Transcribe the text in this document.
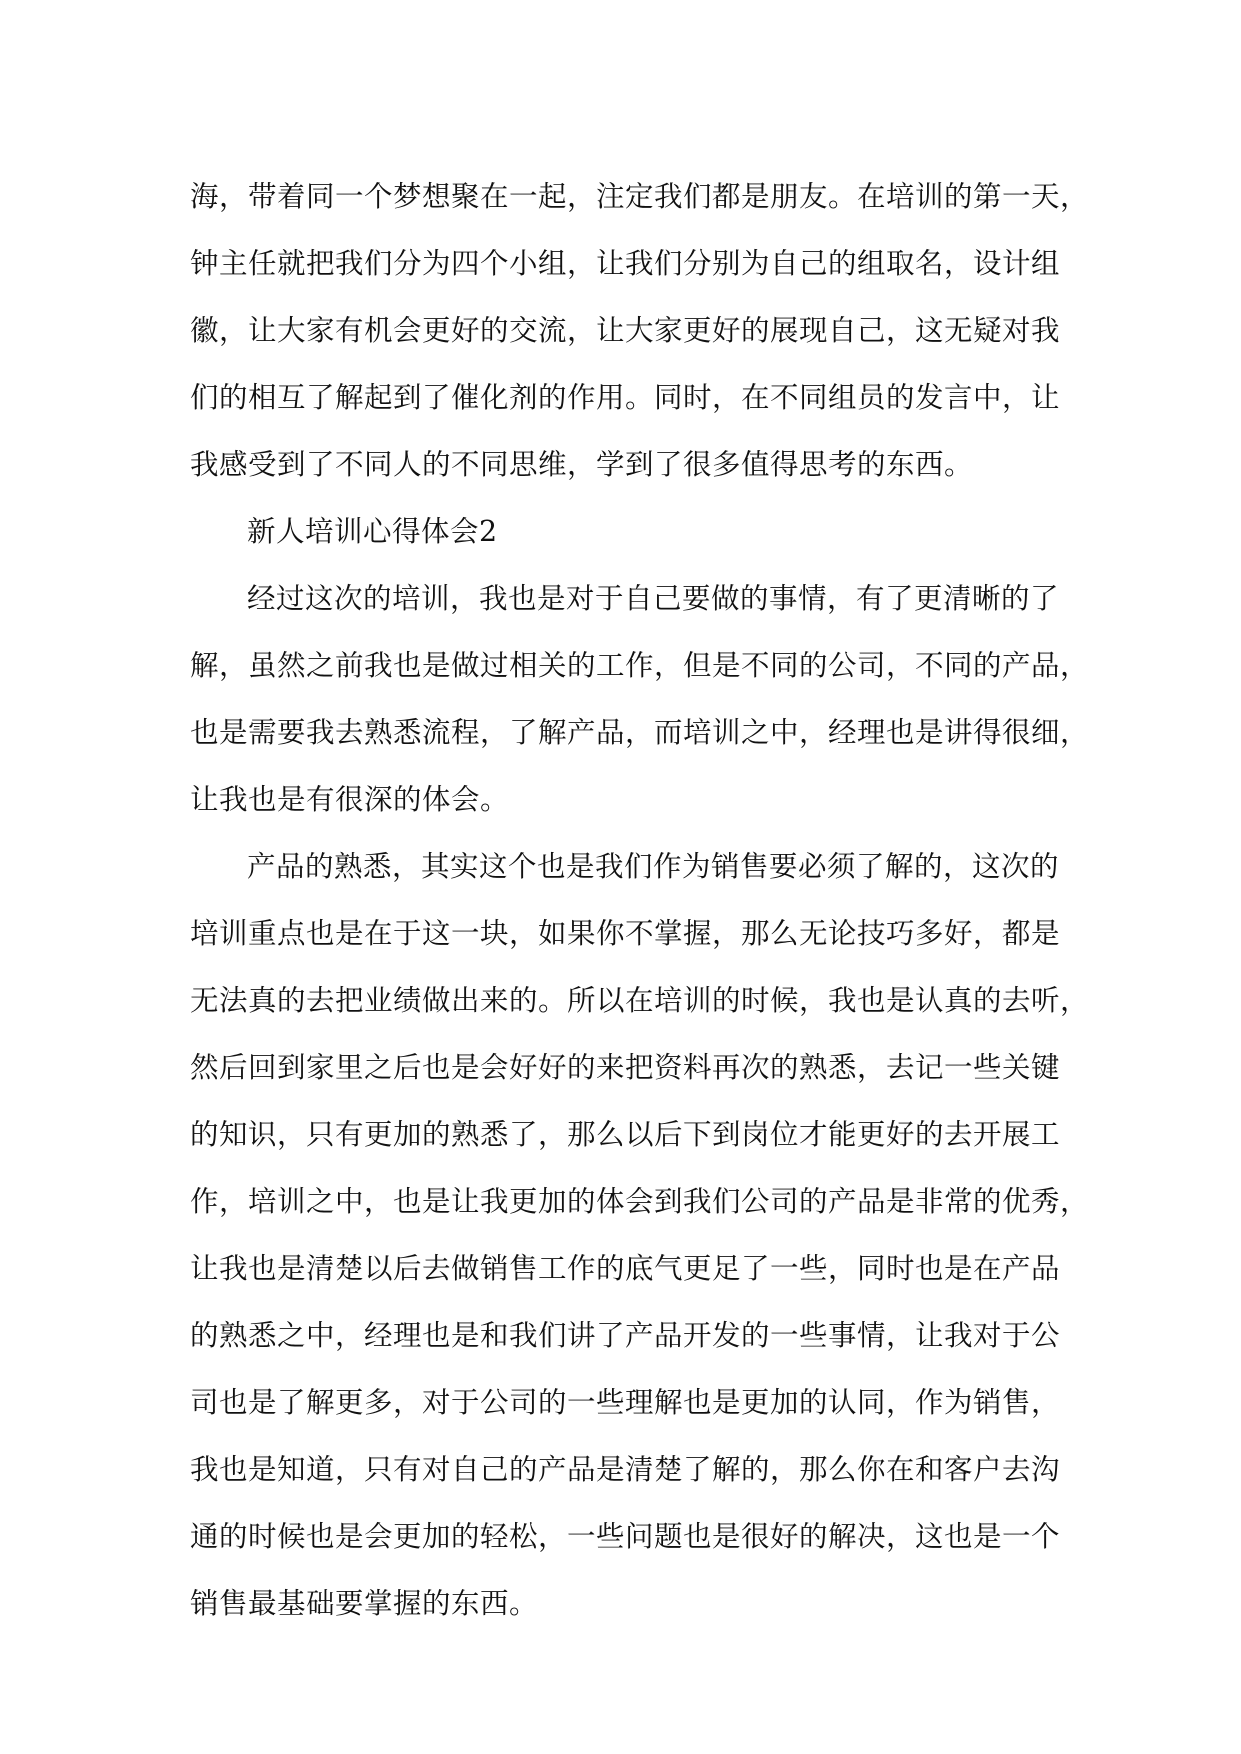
海，带着同一个梦想聚在一起，注定我们都是朋友。在培训的第一天，
钟主任就把我们分为四个小组，让我们分别为自己的组取名，设计组
徽，让大家有机会更好的交流，让大家更好的展现自己，这无疑对我
们的相互了解起到了催化剂的作用。同时，在不同组员的发言中，让
我感受到了不同人的不同思维，学到了很多值得思考的东西。
新人培训心得体会2
经过这次的培训，我也是对于自己要做的事情，有了更清晰的了
解，虽然之前我也是做过相关的工作，但是不同的公司，不同的产品，
也是需要我去熟悉流程，了解产品，而培训之中，经理也是讲得很细，
让我也是有很深的体会。
产品的熟悉，其实这个也是我们作为销售要必须了解的，这次的
培训重点也是在于这一块，如果你不掌握，那么无论技巧多好，都是
无法真的去把业绩做出来的。所以在培训的时候，我也是认真的去听，
然后回到家里之后也是会好好的来把资料再次的熟悉，去记一些关键
的知识，只有更加的熟悉了，那么以后下到岗位才能更好的去开展工
作，培训之中，也是让我更加的体会到我们公司的产品是非常的优秀，
让我也是清楚以后去做销售工作的底气更足了一些，同时也是在产品
的熟悉之中，经理也是和我们讲了产品开发的一些事情，让我对于公
司也是了解更多，对于公司的一些理解也是更加的认同，作为销售，
我也是知道，只有对自己的产品是清楚了解的，那么你在和客户去沟
通的时候也是会更加的轻松，一些问题也是很好的解决，这也是一个
销售最基础要掌握的东西。
